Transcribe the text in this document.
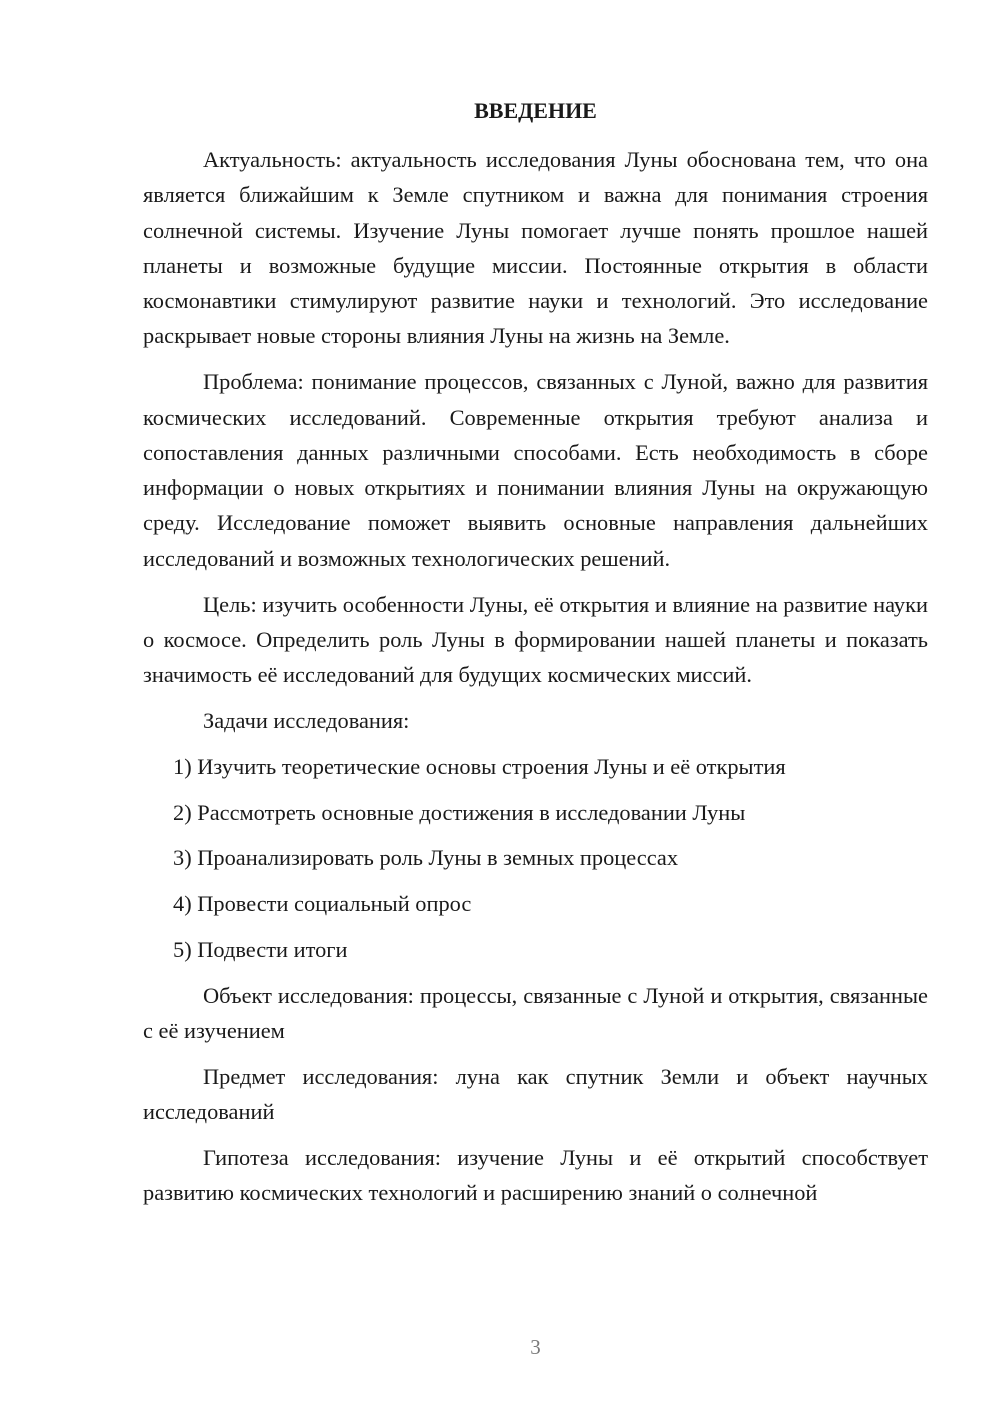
ВВЕДЕНИЕ

Актуальность: актуальность исследования Луны обоснована тем, что она является ближайшим к Земле спутником и важна для понимания строения солнечной системы. Изучение Луны помогает лучше понять прошлое нашей планеты и возможные будущие миссии. Постоянные открытия в области космонавтики стимулируют развитие науки и технологий. Это исследование раскрывает новые стороны влияния Луны на жизнь на Земле.

Проблема: понимание процессов, связанных с Луной, важно для развития космических исследований. Современные открытия требуют анализа и сопоставления данных различными способами. Есть необходимость в сборе информации о новых открытиях и понимании влияния Луны на окружающую среду. Исследование поможет выявить основные направления дальнейших исследований и возможных технологических решений.

Цель: изучить особенности Луны, её открытия и влияние на развитие науки о космосе. Определить роль Луны в формировании нашей планеты и показать значимость её исследований для будущих космических миссий.

Задачи исследования:

1) Изучить теоретические основы строения Луны и её открытия
2) Рассмотреть основные достижения в исследовании Луны
3) Проанализировать роль Луны в земных процессах
4) Провести социальный опрос
5) Подвести итоги

Объект исследования: процессы, связанные с Луной и открытия, связанные с её изучением

Предмет исследования: луна как спутник Земли и объект научных исследований

Гипотеза исследования: изучение Луны и её открытий способствует развитию космических технологий и расширению знаний о солнечной

3
